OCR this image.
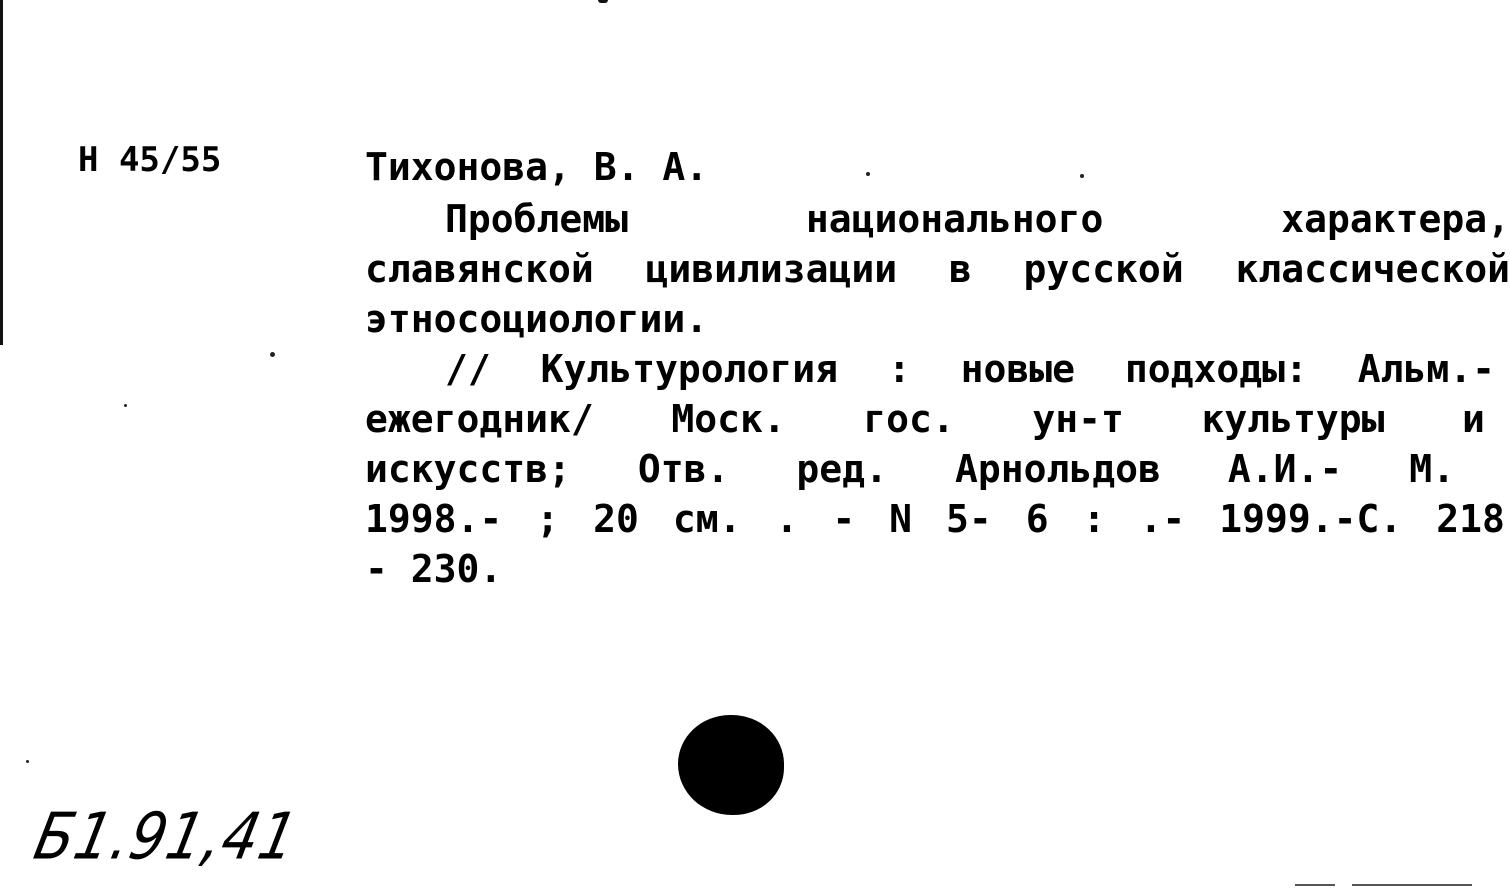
Н 45/55	Тихонова, В. А.
Проблемы	национального	характера,
славянской цивилизации в русской классической
этносоциологии.
// Культурология : новые подходы: Альм.-
ежегодник/ Моск. гос. ун-т культуры и
искусств; Отв. ред. Арнольдов А.И.- М.
1998.- ; 20 см. . - N 5- 6 : .- 1999.-С. 218
- 230.
Б1.91,41
